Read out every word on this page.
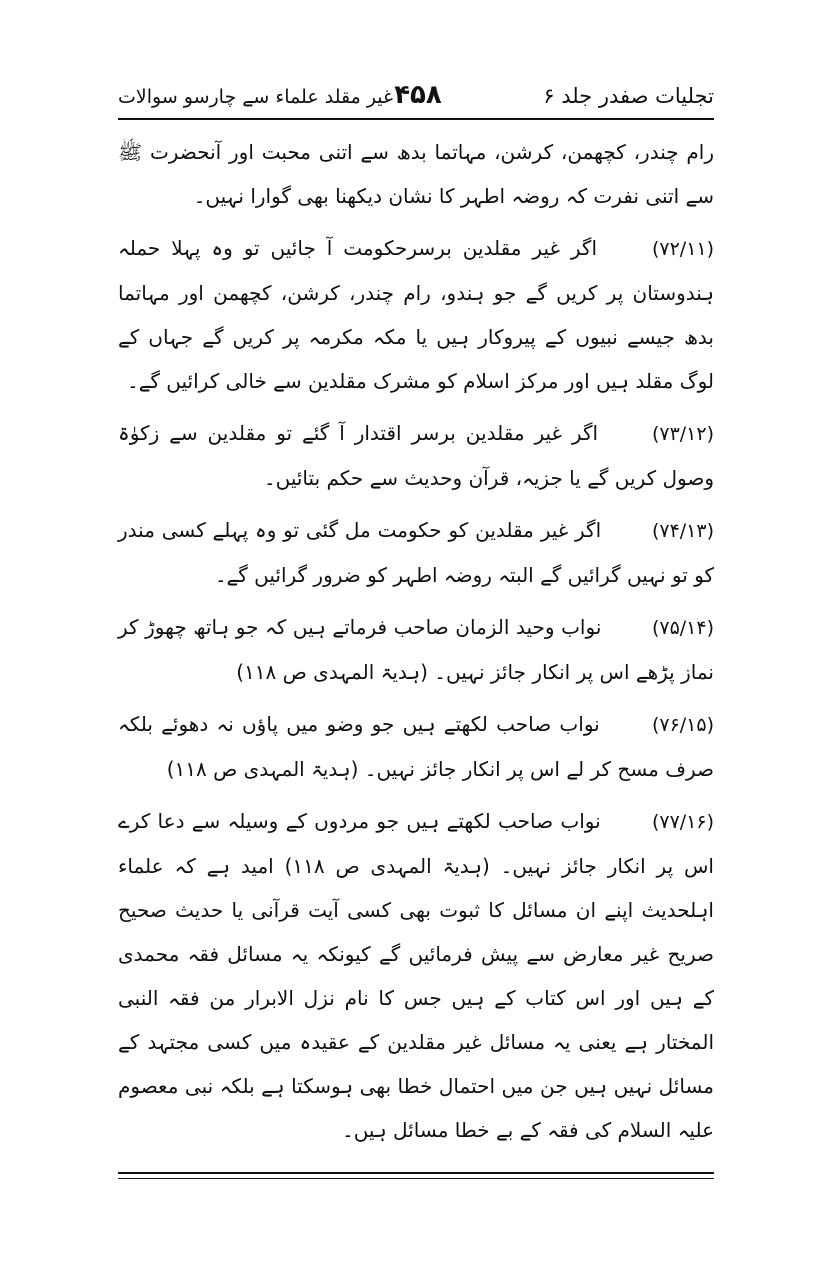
تجلیات صفدر جلد ۶
۴۵۸
غیر مقلد علماء سے چارسو سوالات

رام چندر، کچھمن، کرشن، مہاتما بدھ سے اتنی محبت اور آنحضرت ﷺ سے اتنی نفرت کہ روضہ اطہر کا نشان دیکھنا بھی گوارا نہیں۔

(۷۲/۱۱) اگر غیر مقلدین برسرحکومت آ جائیں تو وہ پہلا حملہ ہندوستان پر کریں گے جو ہندو، رام چندر، کرشن، کچھمن اور مہاتما بدھ جیسے نبیوں کے پیروکار ہیں یا مکہ مکرمہ پر کریں گے جہاں کے لوگ مقلد ہیں اور مرکز اسلام کو مشرک مقلدین سے خالی کرائیں گے۔

(۷۳/۱۲) اگر غیر مقلدین برسر اقتدار آ گئے تو مقلدین سے زکوٰۃ وصول کریں گے یا جزیہ، قرآن وحدیث سے حکم بتائیں۔

(۷۴/۱۳) اگر غیر مقلدین کو حکومت مل گئی تو وہ پہلے کسی مندر کو تو نہیں گرائیں گے البتہ روضہ اطہر کو ضرور گرائیں گے۔

(۷۵/۱۴) نواب وحید الزمان صاحب فرماتے ہیں کہ جو ہاتھ چھوڑ کر نماز پڑھے اس پر انکار جائز نہیں۔ (ہدیۃ المہدی ص ۱۱۸)

(۷۶/۱۵) نواب صاحب لکھتے ہیں جو وضو میں پاؤں نہ دھوئے بلکہ صرف مسح کر لے اس پر انکار جائز نہیں۔ (ہدیۃ المہدی ص ۱۱۸)

(۷۷/۱۶) نواب صاحب لکھتے ہیں جو مردوں کے وسیلہ سے دعا کرے اس پر انکار جائز نہیں۔ (ہدیۃ المہدی ص ۱۱۸) امید ہے کہ علماء اہلحدیث اپنے ان مسائل کا ثبوت بھی کسی آیت قرآنی یا حدیث صحیح صریح غیر معارض سے پیش فرمائیں گے کیونکہ یہ مسائل فقہ محمدی کے ہیں اور اس کتاب کے ہیں جس کا نام نزل الابرار من فقہ النبی المختار ہے یعنی یہ مسائل غیر مقلدین کے عقیدہ میں کسی مجتہد کے مسائل نہیں ہیں جن میں احتمال خطا بھی ہوسکتا ہے بلکہ نبی معصوم علیہ السلام کی فقہ کے بے خطا مسائل ہیں۔
